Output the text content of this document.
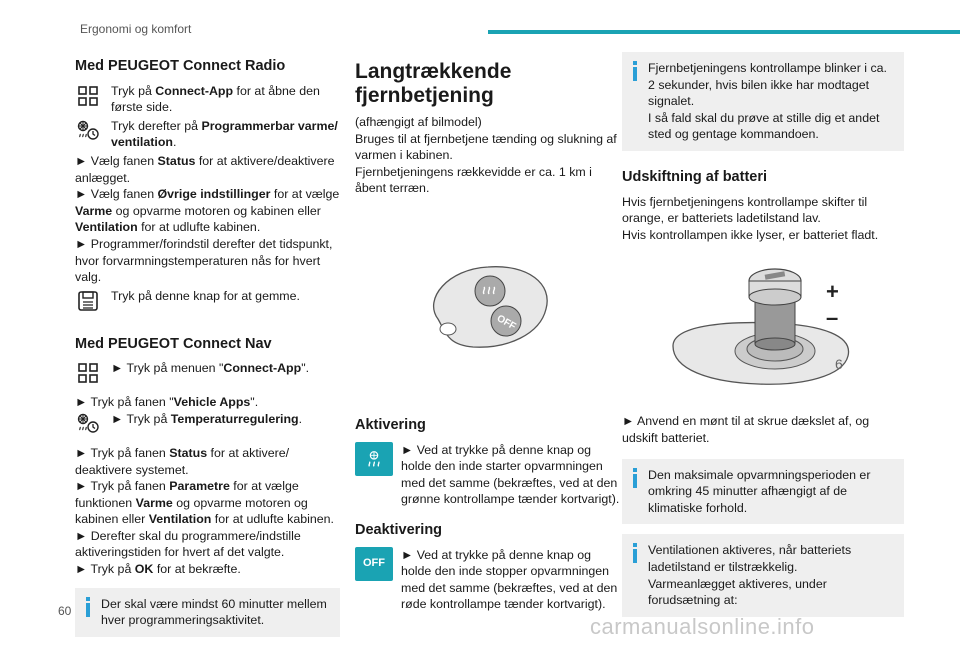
Ergonomi og komfort
Med PEUGEOT Connect Radio
Tryk på Connect-App for at åbne den første side.
Tryk derefter på Programmerbar varme/ ventilation.

► Vælg fanen Status for at aktivere/deaktivere anlægget.

► Vælg fanen Øvrige indstillinger for at vælge Varme og opvarme motoren og kabinen eller Ventilation for at udlufte kabinen.

► Programmer/forindstil derefter det tidspunkt, hvor forvarmningstemperaturen nås for hvert valg.

Tryk på denne knap for at gemme.
Med PEUGEOT Connect Nav
► Tryk på menuen "Connect-App".

► Tryk på fanen "Vehicle Apps".

► Tryk på Temperaturregulering.

► Tryk på fanen Status for at aktivere/ deaktivere systemet.

► Tryk på fanen Parametre for at vælge funktionen Varme og opvarme motoren og kabinen eller Ventilation for at udlufte kabinen.

► Derefter skal du programmere/indstille aktiveringstiden for hvert af det valgte.

► Tryk på OK for at bekræfte.

Der skal være mindst 60 minutter mellem hver programmeringsaktivitet.
Langtrækkende fjernbetjening

(afhængigt af bilmodel)

Bruges til at fjernbetjene tænding og slukning af varmen i kabinen.

Fjernbetjeningens rækkevidde er ca. 1 km i åbent terræn.

OFF
Aktivering
► Ved at trykke på denne knap og holde den inde starter opvarmningen med det samme (bekræftes, ved at den grønne kontrollampe tænder kortvarigt).
Deaktivering
OFF
► Ved at trykke på denne knap og holde den inde stopper opvarmningen med det samme (bekræftes, ved at den røde kontrollampe tænder kortvarigt).

Fjernbetjeningens kontrollampe blinker i ca. 2 sekunder, hvis bilen ikke har modtaget signalet.

I så fald skal du prøve at stille dig et andet sted og gentage kommandoen.

Udskiftning af batteri

Hvis fjernbetjeningens kontrollampe skifter til orange, er batteriets ladetilstand lav.

Hvis kontrollampen ikke lyser, er batteriet fladt.

+
–
6

► Anvend en mønt til at skrue dækslet af, og udskift batteriet.

Den maksimale opvarmningsperioden er omkring 45 minutter afhængigt af de klimatiske forhold.

Ventilationen aktiveres, når batteriets ladetilstand er tilstrækkelig.

Varmeanlægget aktiveres, under forudsætning at:

60
carmanualsonline.info
